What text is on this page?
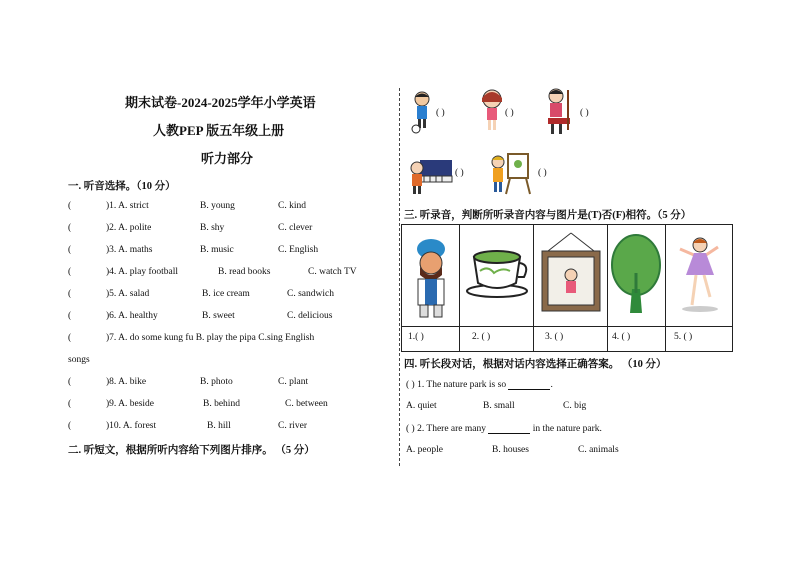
期末试卷-2024-2025学年小学英语
人教PEP 版五年级上册
听力部分
一. 听音选择。（10 分）
(	)1. A. strict	B. young	C. kind
(	)2. A. polite	B. shy	C. clever
(	)3. A. maths	B. music	C. English
(	)4. A. play football	B. read books	C. watch TV
(	)5. A. salad	B. ice cream	C. sandwich
(	)6. A. healthy	B. sweet	C. delicious
(	)7. A. do some kung fu B. play the pipa C.sing English
songs
(	)8. A. bike	B. photo	C. plant
(	)9. A. beside	B. behind	C. between
(	)10. A. forest	B. hill	C. river
二. 听短文，根据所听内容给下列图片排序。 （5 分）
( )	( )	( )
( )	( )
三. 听录音，判断所听录音内容与图片是(T)否(F)相符。（5 分）
1.( )	2. ( )	3. ( )	4. ( )	5. ( )
四. 听长段对话，根据对话内容选择正确答案。 （10 分）
( ) 1. The nature park is so	.
A. quiet	B. small	C. big
( ) 2. There are many	in the nature park.
A. people	B. houses	C. animals
